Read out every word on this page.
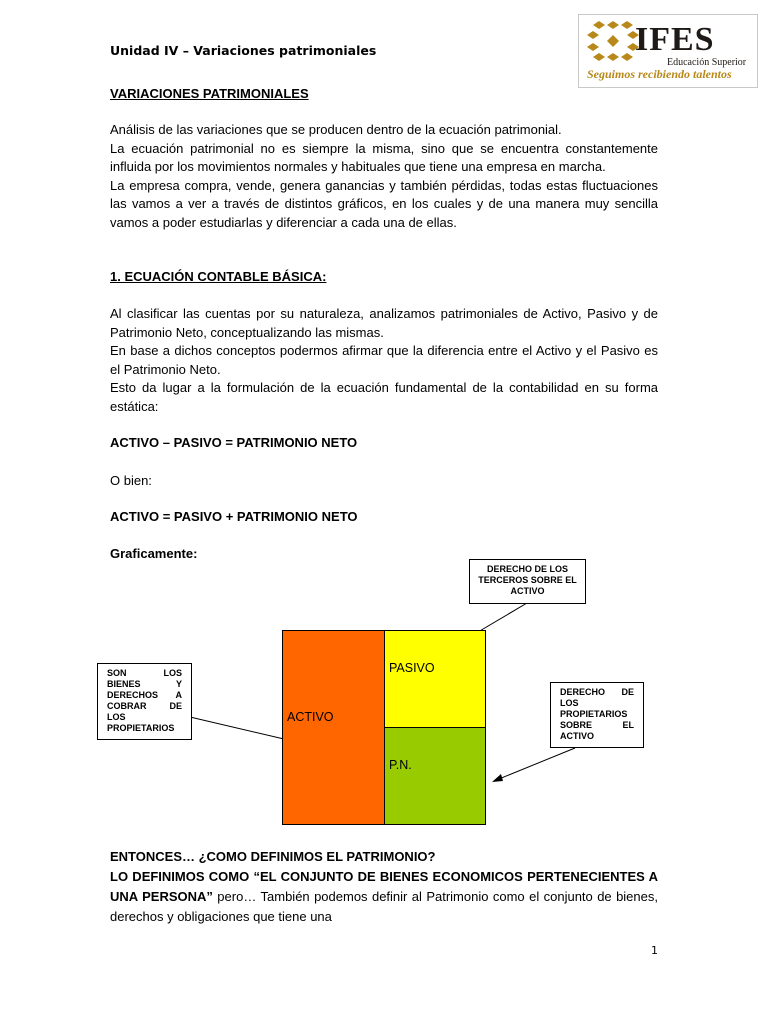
Unidad IV – Variaciones patrimoniales	IFES
Educación Superior
Seguimos recibiendo talentos
VARIACIONES PATRIMONIALES

Análisis de las variaciones que se producen dentro de la ecuación patrimonial.

La ecuación patrimonial no es siempre la misma, sino que se encuentra constantemente influida por los movimientos normales y habituales que tiene una empresa en marcha.

La empresa compra, vende, genera ganancias y también pérdidas, todas estas fluctuaciones las vamos a ver a través de distintos gráficos, en los cuales y de una manera muy sencilla vamos a poder estudiarlas y diferenciar a cada una de ellas.

1. ECUACIÓN CONTABLE BÁSICA:

Al clasificar las cuentas por su naturaleza, analizamos patrimoniales de Activo, Pasivo y de Patrimonio Neto, conceptualizando las mismas.

En base a dichos conceptos podermos afirmar que la diferencia entre el Activo y el Pasivo es el Patrimonio Neto.

Esto da lugar a la formulación de la ecuación fundamental de la contabilidad en su forma estática:

ACTIVO – PASIVO = PATRIMONIO NETO
O bien:
ACTIVO = PASIVO + PATRIMONIO NETO
Graficamente:
ACTIVO
PASIVO
P.N.
DERECHO DE LOS TERCEROS SOBRE EL ACTIVO
SON LOS BIENES Y DERECHOS A COBRAR DE LOS PROPIETARIOS
DERECHO DE LOS PROPIETARIOS SOBRE EL ACTIVO

ENTONCES… ¿COMO DEFINIMOS EL PATRIMONIO?

LO DEFINIMOS COMO “EL CONJUNTO DE BIENES ECONOMICOS PERTENECIENTES A UNA PERSONA” pero… También podemos definir al Patrimonio como el conjunto de bienes, derechos y obligaciones que tiene una

1
